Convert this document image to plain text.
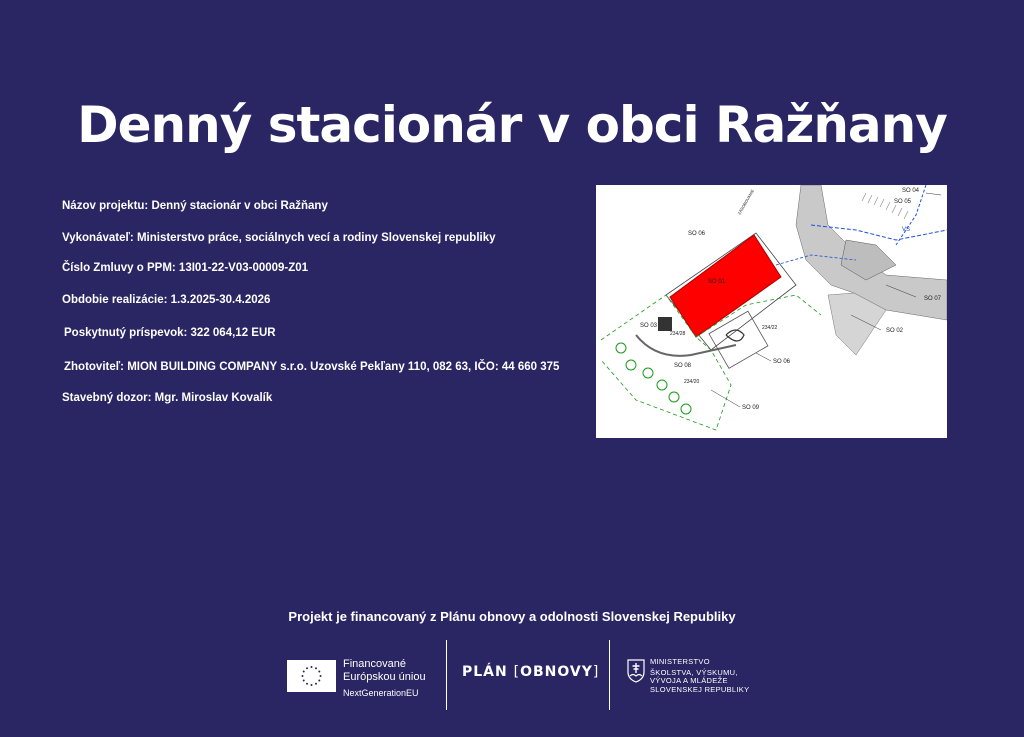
Denný stacionár v obci Ražňany
Názov projektu: Denný stacionár v obci Ražňany
Vykonávateľ: Ministerstvo práce, sociálnych vecí a rodiny Slovenskej republiky
Číslo Zmluvy o PPM: 13I01-22-V03-00009-Z01
Obdobie realizácie: 1.3.2025-30.4.2026
Poskytnutý príspevok: 322 064,12 EUR
Zhotoviteľ: MION BUILDING COMPANY s.r.o. Uzovské Pekľany 110, 082 63, IČO: 44 660 375
Stavebný dozor: Mgr. Miroslav Kovalík
SO 04
SO 05
VS
SO 06
SO 01
SO 03
SO 07
SO 02
SO 08
SO 06
SO 09
234/22
234/20
234/28
ZÁSOBOVANIE
Projekt je financovaný z Plánu obnovy a odolnosti Slovenskej Republiky
Financované
Európskou úniou
NextGenerationEU
PLÁN [OBNOVY]
MINISTERSTVO
ŠKOLSTVA, VÝSKUMU,
VÝVOJA A MLÁDEŽE
SLOVENSKEJ REPUBLIKY
